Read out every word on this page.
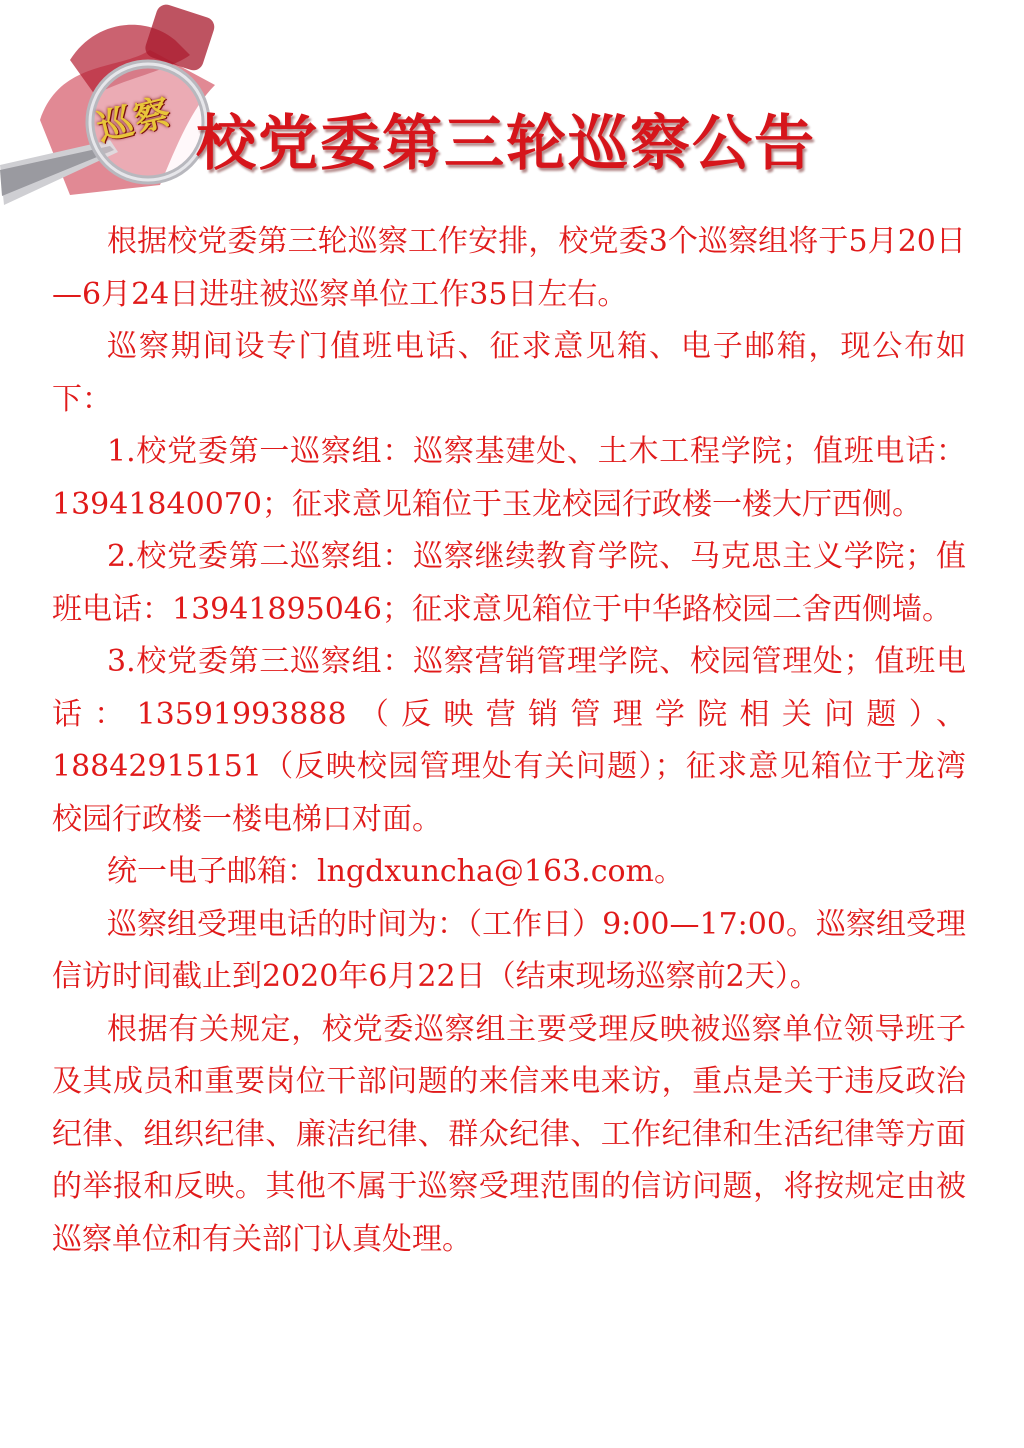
巡察 校党委第三轮巡察公告

根据校党委第三轮巡察工作安排，校党委3个巡察组将于5月20日—6月24日进驻被巡察单位工作35日左右。

巡察期间设专门值班电话、征求意见箱、电子邮箱，现公布如下：

1.校党委第一巡察组：巡察基建处、土木工程学院；值班电话：13941840070；征求意见箱位于玉龙校园行政楼一楼大厅西侧。

2.校党委第二巡察组：巡察继续教育学院、马克思主义学院；值班电话：13941895046；征求意见箱位于中华路校园二舍西侧墙。

3.校党委第三巡察组：巡察营销管理学院、校园管理处；值班电话：13591993888（反映营销管理学院相关问题）、18842915151（反映校园管理处有关问题）；征求意见箱位于龙湾校园行政楼一楼电梯口对面。

统一电子邮箱：lngdxuncha@163.com。

巡察组受理电话的时间为：（工作日）9:00—17:00。巡察组受理信访时间截止到2020年6月22日（结束现场巡察前2天）。

根据有关规定，校党委巡察组主要受理反映被巡察单位领导班子及其成员和重要岗位干部问题的来信来电来访，重点是关于违反政治纪律、组织纪律、廉洁纪律、群众纪律、工作纪律和生活纪律等方面的举报和反映。其他不属于巡察受理范围的信访问题，将按规定由被巡察单位和有关部门认真处理。
